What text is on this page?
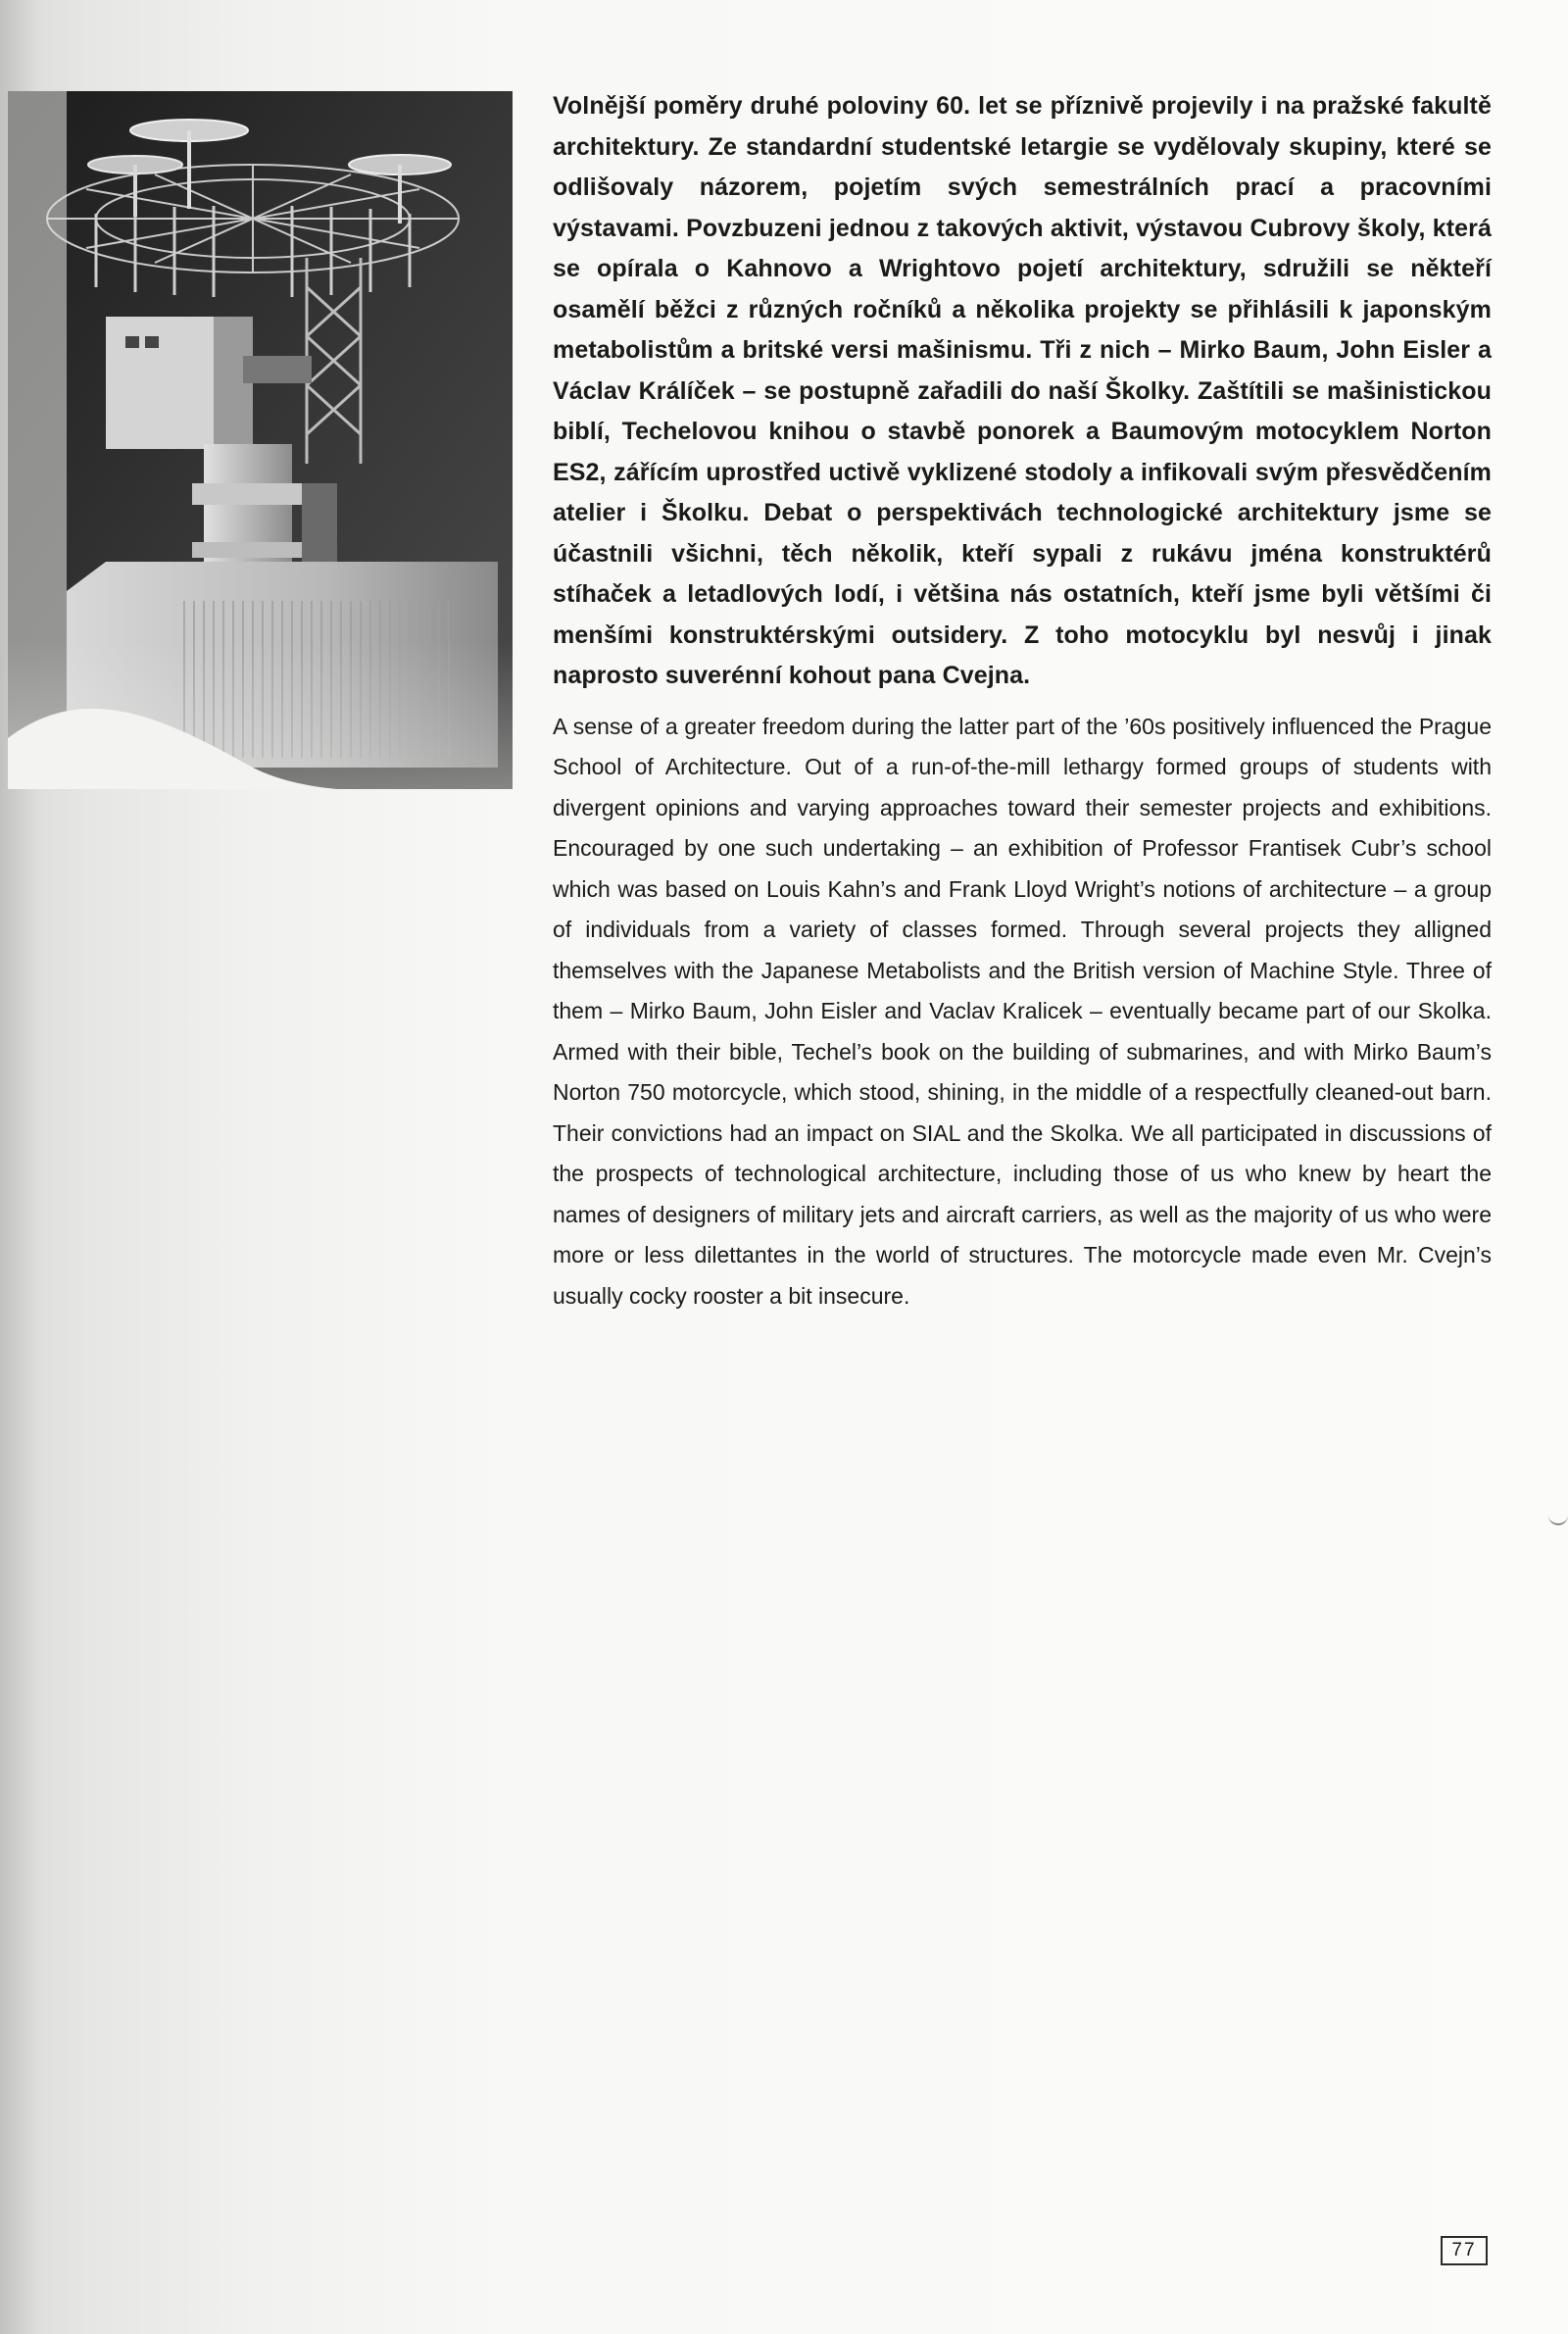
Volnější poměry druhé poloviny 60. let se příznivě projevily i na pražské fakultě architektury. Ze standardní studentské letargie se vydělovaly skupiny, které se odlišovaly názorem, pojetím svých semestrálních prací a pracovními výstavami. Povzbuzeni jednou z takových aktivit, výstavou Cubrovy školy, která se opírala o Kahnovo a Wrightovo pojetí architektury, sdružili se někteří osamělí běžci z různých ročníků a několika projekty se přihlásili k japonským metabolistům a britské versi mašinismu. Tři z nich – Mirko Baum, John Eisler a Václav Králíček – se postupně zařadili do naší Školky. Zaštítili se mašinistickou biblí, Techelovou knihou o stavbě ponorek a Baumovým motocyklem Norton ES2, zářícím uprostřed uctivě vyklizené stodoly a infikovali svým přesvědčením atelier i Školku. Debat o perspektivách technologické architektury jsme se účastnili všichni, těch několik, kteří sypali z rukávu jména konstruktérů stíhaček a letadlových lodí, i většina nás ostatních, kteří jsme byli většími či menšími konstruktérskými outsidery. Z toho motocyklu byl nesvůj i jinak naprosto suverénní kohout pana Cvejna.

A sense of a greater freedom during the latter part of the ’60s positively influenced the Prague School of Architecture. Out of a run-of-the-mill lethargy formed groups of students with divergent opinions and varying approaches toward their semester projects and exhibitions. Encouraged by one such undertaking – an exhibition of Professor Frantisek Cubr’s school which was based on Louis Kahn’s and Frank Lloyd Wright’s notions of architecture – a group of individuals from a variety of classes formed. Through several projects they alligned themselves with the Japanese Metabolists and the British version of Machine Style. Three of them – Mirko Baum, John Eisler and Vaclav Kralicek – eventually became part of our Skolka. Armed with their bible, Techel’s book on the building of submarines, and with Mirko Baum’s Norton 750 motorcycle, which stood, shining, in the middle of a respectfully cleaned-out barn. Their convictions had an impact on SIAL and the Skolka. We all participated in discussions of the prospects of technological architecture, including those of us who knew by heart the names of designers of military jets and aircraft carriers, as well as the majority of us who were more or less dilettantes in the world of structures. The motorcycle made even Mr. Cvejn’s usually cocky rooster a bit insecure.

77
